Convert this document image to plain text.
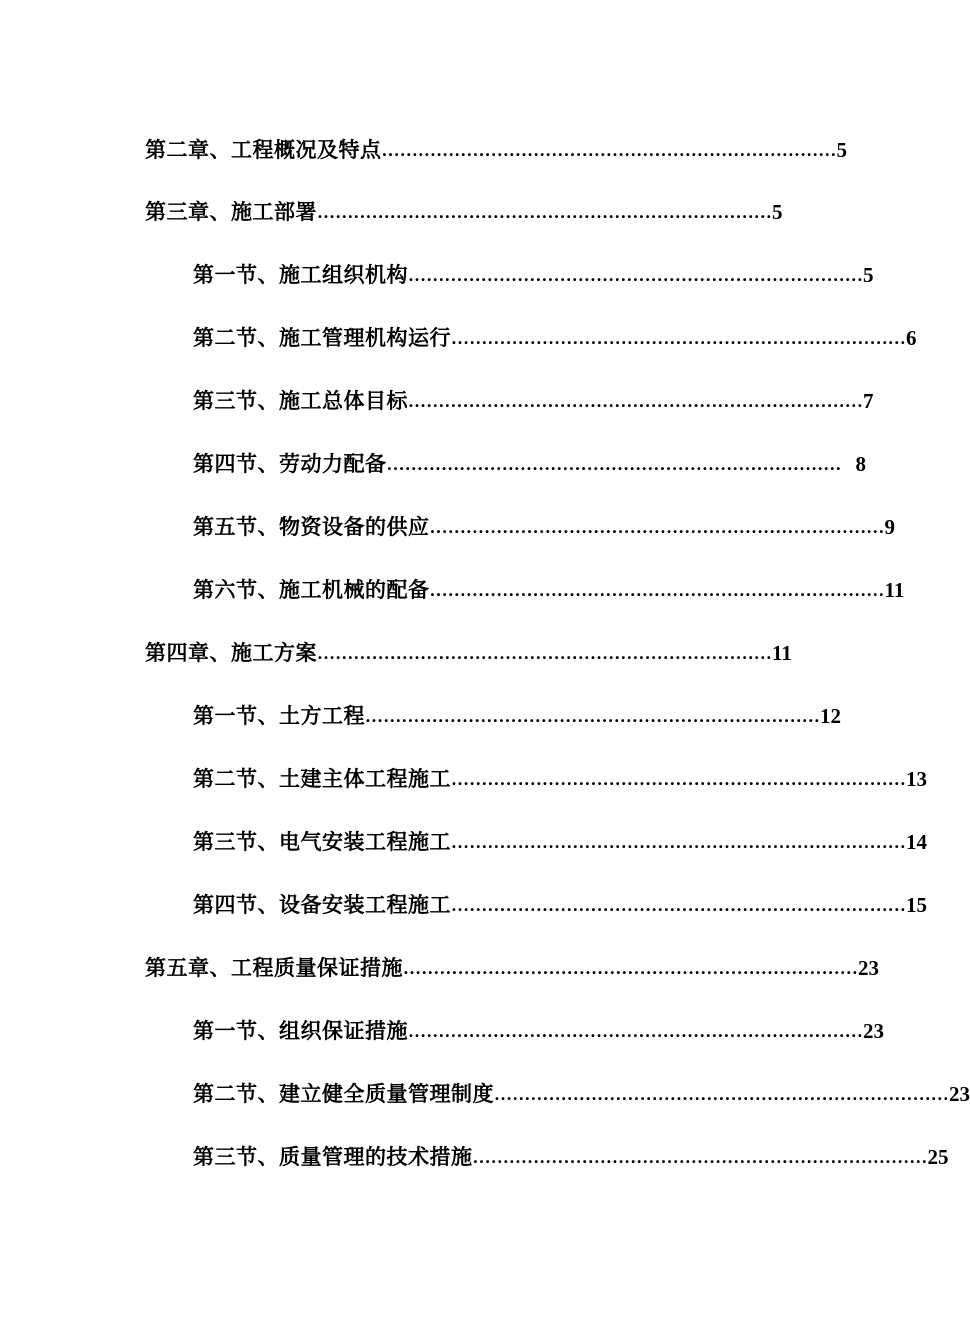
第二章、工程概况及特点 ………………………………………………………………… 5
第三章、施工部署 ………………………………………………………………… 5
第一节、施工组织机构 ………………………………………………………………… 5
第二节、施工管理机构运行 ………………………………………………………………… 6
第三节、施工总体目标 ………………………………………………………………… 7
第四节、劳动力配备 ………………………………………………………………… 8
第五节、物资设备的供应 ………………………………………………………………… 9
第六节、施工机械的配备 ………………………………………………………………… 11
第四章、施工方案 ………………………………………………………………… 11
第一节、土方工程 ………………………………………………………………… 12
第二节、土建主体工程施工 ………………………………………………………………… 13
第三节、电气安装工程施工 ………………………………………………………………… 14
第四节、设备安装工程施工 ………………………………………………………………… 15
第五章、工程质量保证措施 ………………………………………………………………… 23
第一节、组织保证措施 ………………………………………………………………… 23
第二节、建立健全质量管理制度 ………………………………………………………………… 23
第三节、质量管理的技术措施 ………………………………………………………………… 25
